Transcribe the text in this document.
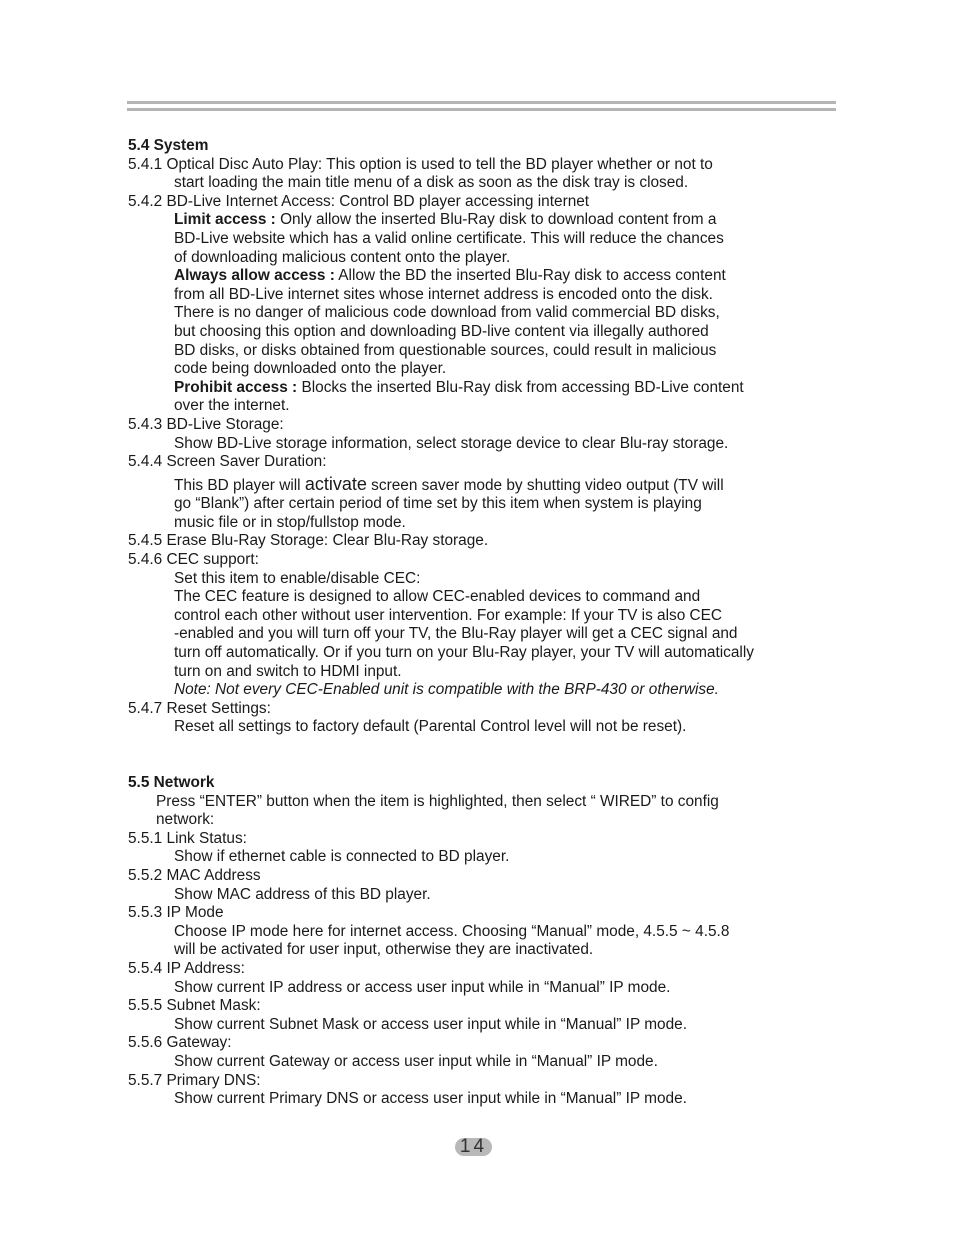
5.4 System
5.4.1 Optical Disc Auto Play: This option is used to tell the BD player whether or not to
start loading the main title menu of a disk as soon as the disk tray is closed.
5.4.2 BD-Live Internet Access: Control BD player accessing internet
Limit access : Only allow the inserted Blu-Ray disk to download content from a
BD-Live website which has a valid online certificate. This will reduce the chances
of downloading malicious content onto the player.
Always allow access : Allow the BD the inserted Blu-Ray disk to access content
from all BD-Live internet sites whose internet address is encoded onto the disk.
There is no danger of malicious code download from valid commercial BD disks,
but choosing this option and downloading BD-live content via illegally authored
BD disks, or disks obtained from questionable sources, could result in malicious
code being downloaded onto the player.
Prohibit access : Blocks the inserted Blu-Ray disk from accessing BD-Live content
over the internet.
5.4.3 BD-Live Storage:
Show BD-Live storage information, select storage device to clear Blu-ray storage.
5.4.4 Screen Saver Duration:
This BD player will activate screen saver mode by shutting video output (TV will
go “Blank”) after certain period of time set by this item when system is playing
music file or in stop/fullstop mode.
5.4.5 Erase Blu-Ray Storage: Clear Blu-Ray storage.
5.4.6 CEC support:
Set this item to enable/disable CEC:
The CEC feature is designed to allow CEC-enabled devices to command and
control each other without user intervention. For example: If your TV is also CEC
-enabled and you will turn off your TV, the Blu-Ray player will get a CEC signal and
turn off automatically. Or if you turn on your Blu-Ray player, your TV will automatically
turn on and switch to HDMI input.
Note: Not every CEC-Enabled unit is compatible with the BRP-430 or otherwise.
5.4.7 Reset Settings:
Reset all settings to factory default (Parental Control level will not be reset).
5.5 Network
Press “ENTER” button when the item is highlighted, then select “ WIRED” to config
network:
5.5.1 Link Status:
Show if ethernet cable is connected to BD player.
5.5.2 MAC Address
Show MAC address of this BD player.
5.5.3 IP Mode
Choose IP mode here for internet access. Choosing “Manual” mode, 4.5.5 ~ 4.5.8
will be activated for user input, otherwise they are inactivated.
5.5.4 IP Address:
Show current IP address or access user input while in “Manual” IP mode.
5.5.5 Subnet Mask:
Show current Subnet Mask or access user input while in “Manual” IP mode.
5.5.6 Gateway:
Show current Gateway or access user input while in “Manual” IP mode.
5.5.7 Primary DNS:
Show current Primary DNS or access user input while in “Manual” IP mode.
14
